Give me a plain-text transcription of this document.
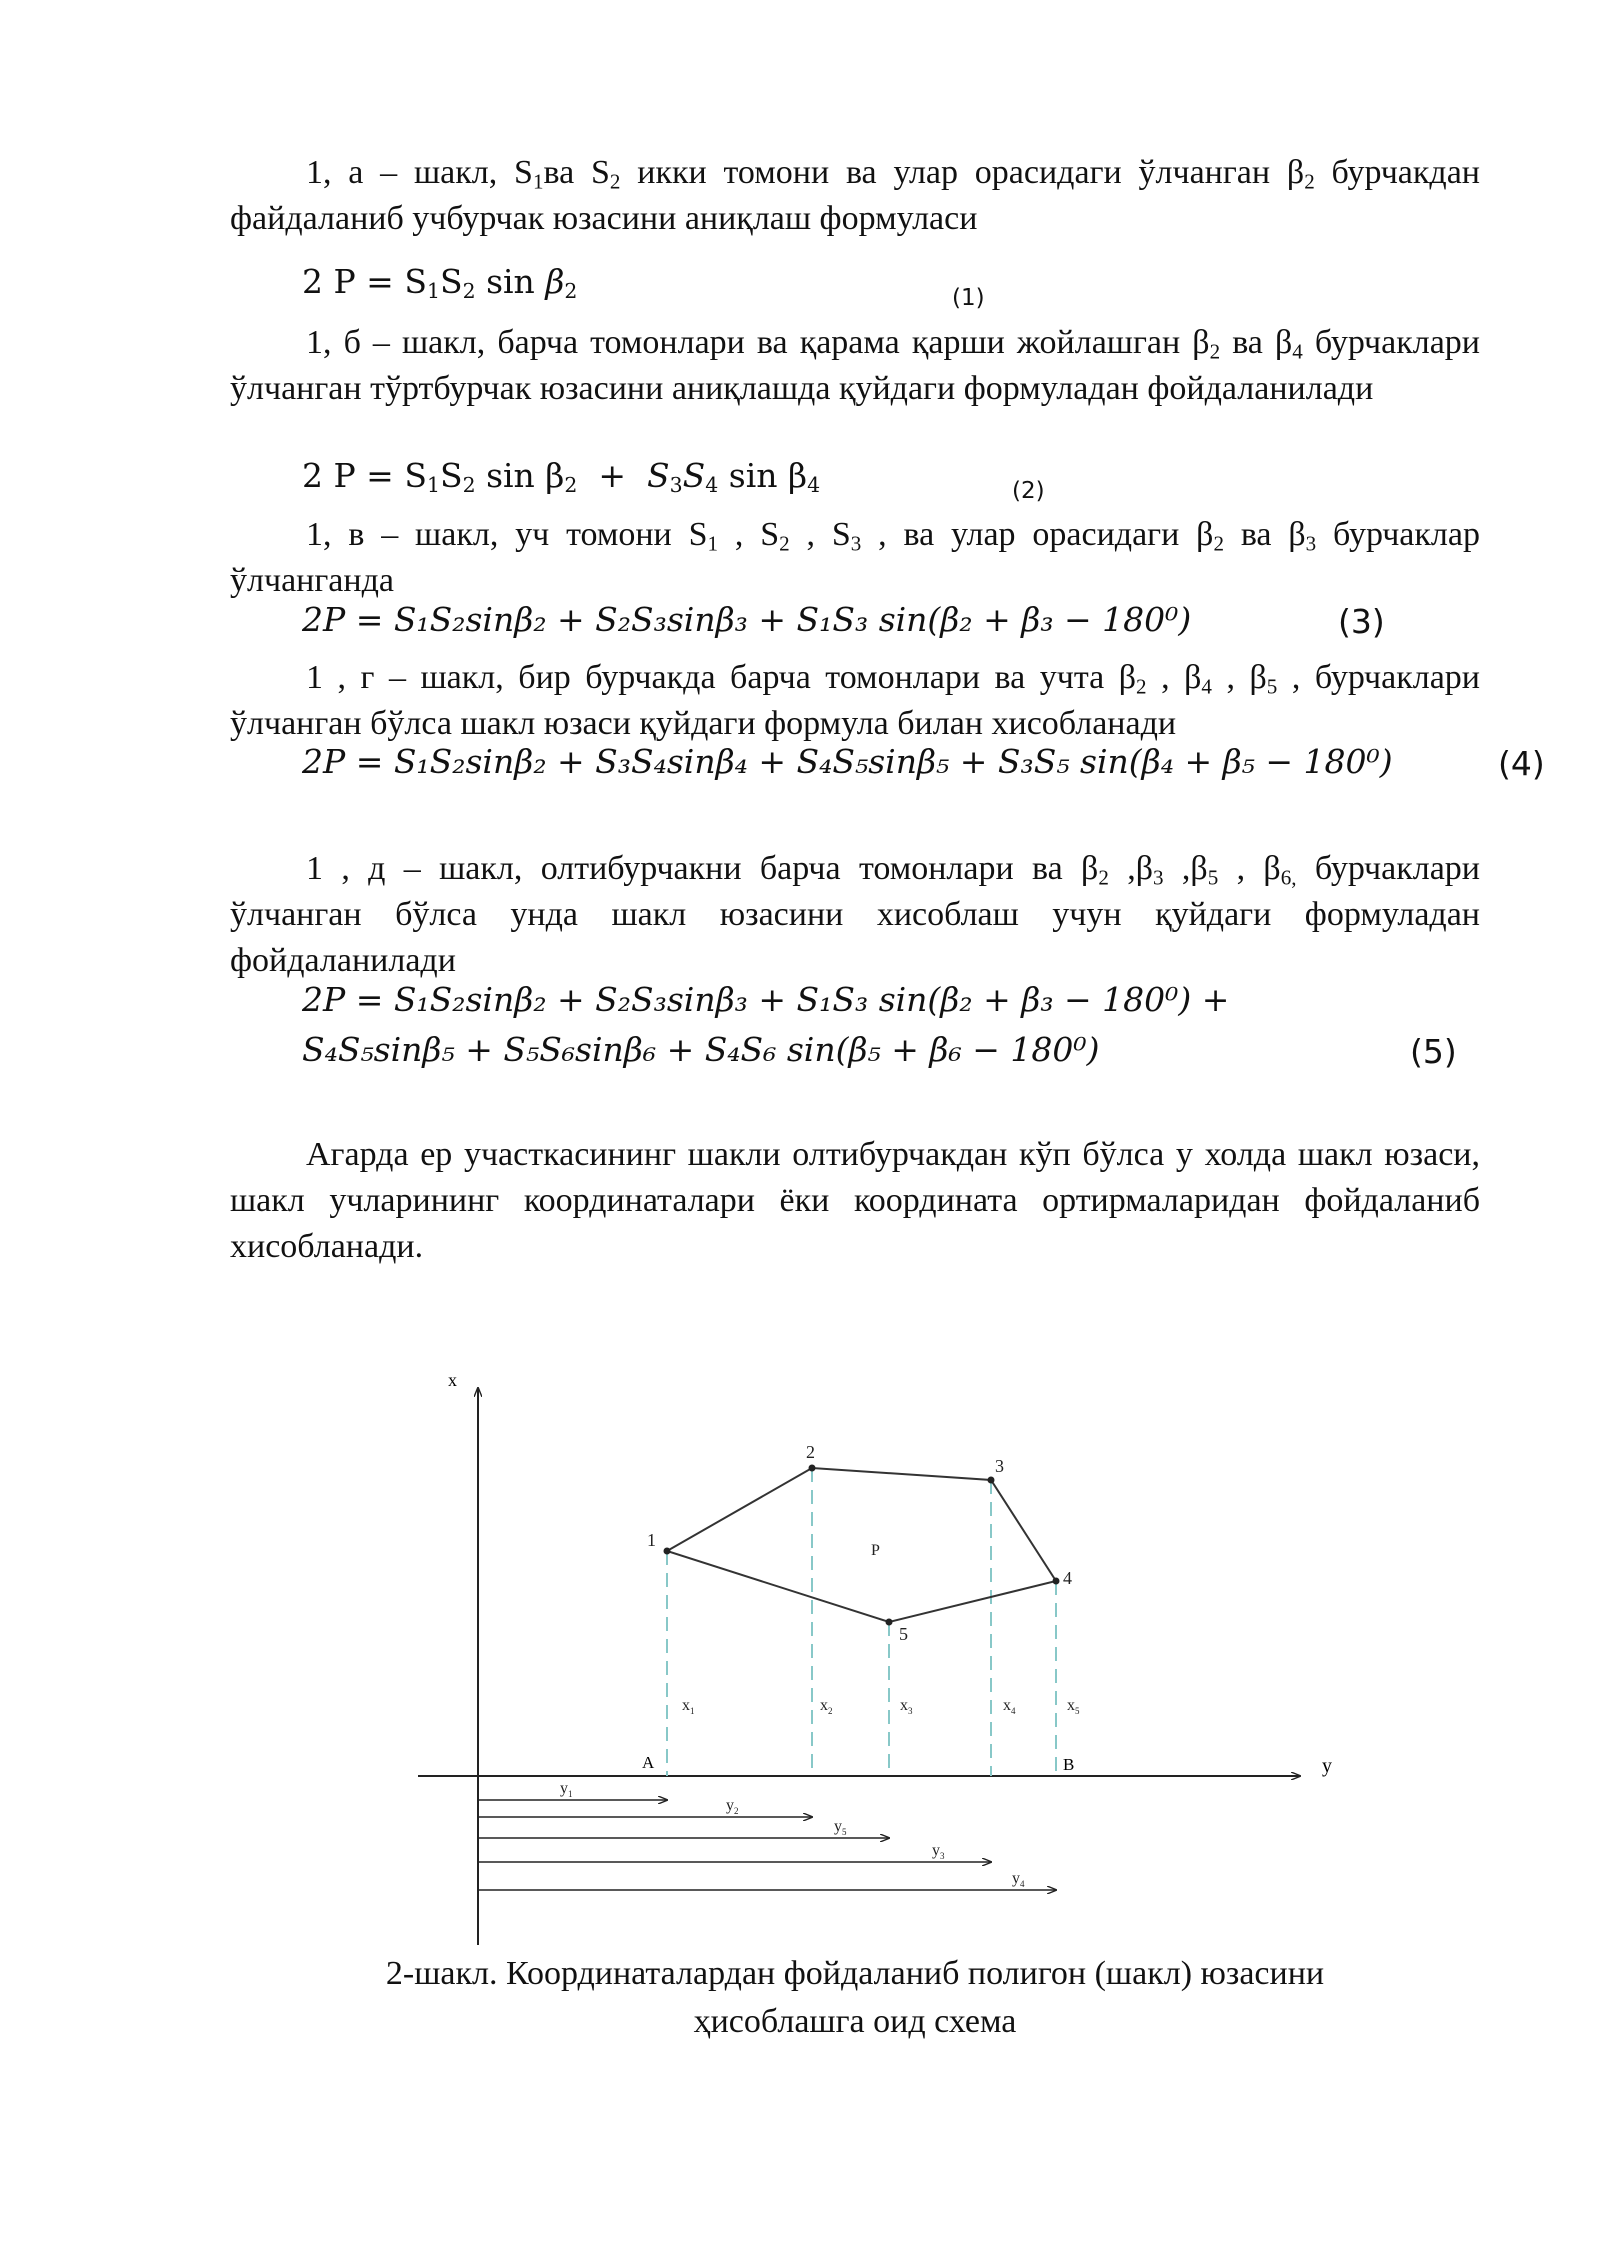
1, а – шакл, $S_1ва$ $S_2$ икки томони ва улар орасидаги ўлчанган $\beta_2$ бурчакдан файдаланиб учбурчак юзасини аниқлаш формуласи

2 $P = S_1S_2$ $\sin \beta_2$	(1)

1, б – шакл, барча томонлари ва қарама қарши жойлашган $\beta_2$ ва $\beta_4$ бурчаклари ўлчанган тўртбурчак юзасини аниқлашда қуйдаги формуладан фойдаланилади

2 $P = S_1S_2$ $\sin \beta_2 + S_3S_4$ $\sin \beta_4$	(2)

1, в – шакл, уч томони $S_1$ , $S_2$ , $S_3$ , ва улар орасидаги $\beta_2$ ва $\beta_3$ бурчаклар ўлчанганда

2P = S₁S₂sinβ₂ + S₂S₃sinβ₃ + S₁S₃ sin(β₂ + β₃ − 180⁰)	(3)

1 , г – шакл, бир бурчакда барча томонлари ва учта $\beta_2$ , $\beta_4$ , $\beta_5$ , бурчаклари ўлчанган бўлса шакл юзаси қуйдаги формула билан хисобланади

2P = S₁S₂sinβ₂ + S₃S₄sinβ₄ + S₄S₅sinβ₅ + S₃S₅ sin(β₄ + β₅ − 180⁰)	(4)

1 , д – шакл, олтибурчакни барча томонлари ва $\beta_2$ $,\beta_3$ $,\beta_5$ , $\beta_{6,}$ бурчаклари ўлчанган бўлса унда шакл юзасини хисоблаш учун қуйдаги формуладан фойдаланилади

2P = S₁S₂sinβ₂ + S₂S₃sinβ₃ + S₁S₃ sin(β₂ + β₃ − 180⁰) +
S₄S₅sinβ₅ + S₅S₆sinβ₆ + S₄S₆ sin(β₅ + β₆ − 180⁰)	(5)

Агарда ер участкасининг шакли олтибурчакдан кўп бўлса у холда шакл юзаси, шакл учларининг координаталари ёки координата ортирмаларидан фойдаланиб хисобланади.

x
y
1
2
3
4
5
P
$x_1$	$x_2$	$x_3$	$x_4$	$x_5$
A	B
$y_1$
$y_2$
$y_5$
$y_3$
$y_4$
2-шакл. Координаталардан фойдаланиб полигон (шакл) юзасини
ҳисоблашга оид схема
